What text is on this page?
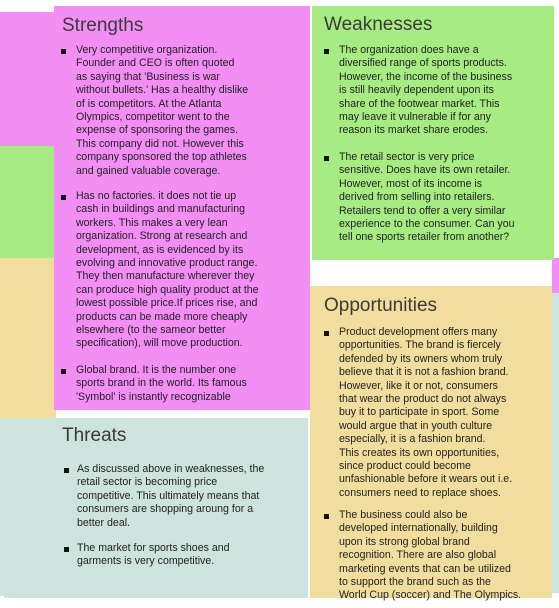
Threats
As discussed above in weaknesses, the
retail sector is becoming price
competitive. This ultimately means that
consumers are shopping aroung for a
better deal.
The market for sports shoes and
garments is very competitive.
Opportunities
Product development offers many
opportunities. The brand is fiercely
defended by its owners whom truly
believe that it is not a fashion brand.
However, like it or not, consumers
that wear the product do not always
buy it to participate in sport. Some
would argue that in youth culture
especially, it is a fashion brand.
This creates its own opportunities,
since product could become
unfashionable before it wears out i.e.
consumers need to replace shoes.
The business could also be
developed internationally, building
upon its strong global brand
recognition. There are also global
marketing events that can be utilized
to support the brand such as the
World Cup (soccer) and The Olympics.
Weaknesses
The organization does have a
diversified range of sports products.
However, the income of the business
is still heavily dependent upon its
share of the footwear market. This
may leave it vulnerable if for any
reason its market share erodes.
The retail sector is very price
sensitive. Does have its own retailer.
However, most of its income is
derived from selling into retailers.
Retailers tend to offer a very similar
experience to the consumer. Can you
tell one sports retailer from another?
Strengths
Very competitive organization.
Founder and CEO is often quoted
as saying that 'Business is war
without bullets.' Has a healthy dislike
of is competitors. At the Atlanta
Olympics, competitor went to the
expense of sponsoring the games.
This company did not. However this
company sponsored the top athletes
and gained valuable coverage.
Has no factories. it does not tie up
cash in buildings and manufacturing
workers. This makes a very lean
organization. Strong at research and
development, as is evidenced by its
evolving and innovative product range.
They then manufacture wherever they
can produce high quality product at the
lowest possible price.If prices rise, and
products can be made more cheaply
elsewhere (to the sameor better
specification), will move production.
Global brand. It is the number one
sports brand in the world. Its famous
'Symbol' is instantly recognizable
